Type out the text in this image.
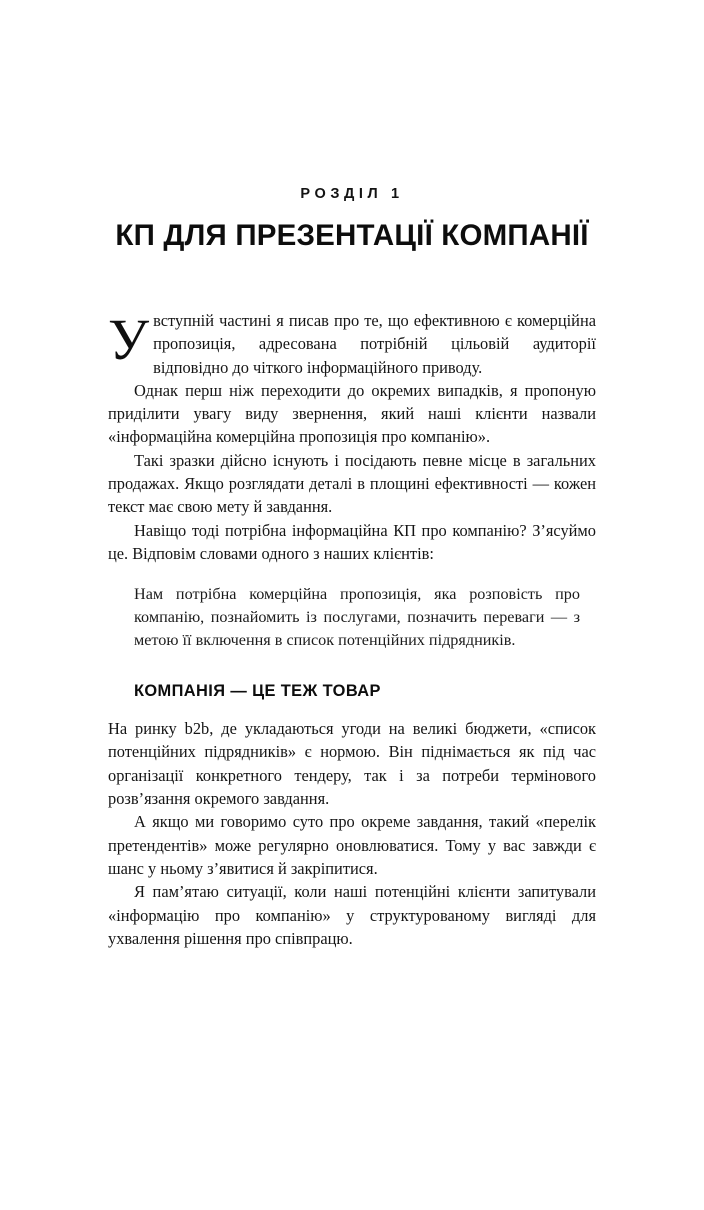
РОЗДІЛ 1
КП ДЛЯ ПРЕЗЕНТАЦІЇ КОМПАНІЇ

Увступній частині я писав про те, що ефективною є комерційна пропозиція, адресована потрібній цільовій аудиторії відповідно до чіткого інформаційного приводу.

Однак перш ніж переходити до окремих випадків, я пропоную приділити увагу виду звернення, який наші клієнти назвали «інформаційна комерційна пропозиція про компанію».

Такі зразки дійсно існують і посідають певне місце в загальних продажах. Якщо розглядати деталі в площині ефективності — кожен текст має свою мету й завдання.

Навіщо тоді потрібна інформаційна КП про компанію? З’ясуймо це. Відповім словами одного з наших клієнтів:

Нам потрібна комерційна пропозиція, яка розповість про компанію, познайомить із послугами, позначить переваги — з метою її включення в список потенційних підрядників.

КОМПАНІЯ — ЦЕ ТЕЖ ТОВАР

На ринку b2b, де укладаються угоди на великі бюджети, «список потенційних підрядників» є нормою. Він піднімається як під час організації конкретного тендеру, так і за потреби термінового розв’язання окремого завдання.

А якщо ми говоримо суто про окреме завдання, такий «перелік претендентів» може регулярно оновлюватися. Тому у вас завжди є шанс у ньому з’явитися й закріпитися.

Я пам’ятаю ситуації, коли наші потенційні клієнти запитували «інформацію про компанію» у структурованому вигляді для ухвалення рішення про співпрацю.
